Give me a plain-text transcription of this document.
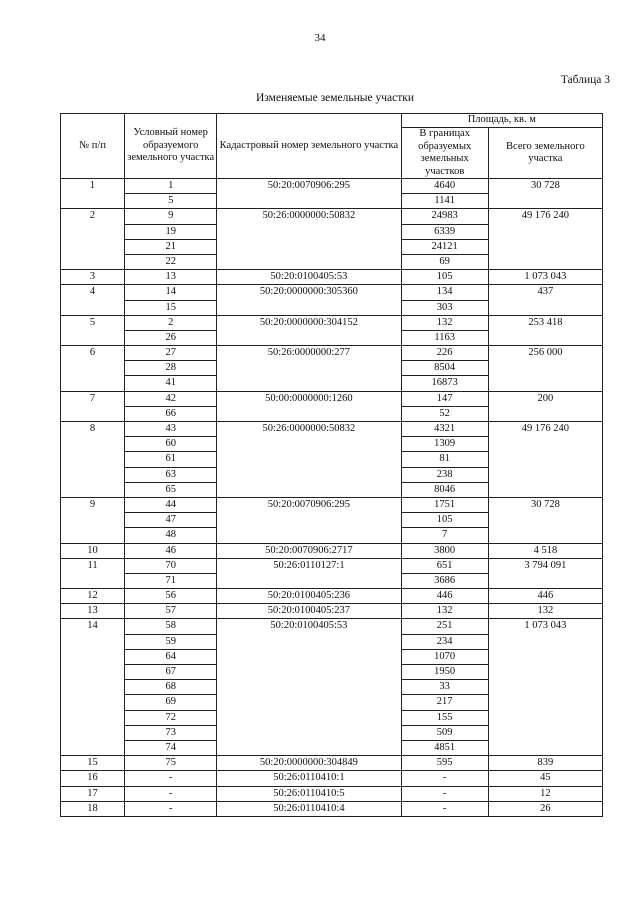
34
Таблица 3
Изменяемые земельные участки
№ п/п	Условный номер образуемого земельного участка	Кадастровый номер земельного участка	Площадь, кв. м	
			В границах образуемых земельных участков	Всего земельного участка
1	1	50:20:0070906:295	4640	30 728
	5		1141	
2	9	50:26:0000000:50832	24983	49 176 240
	19		6339	
	21		24121	
	22		69	
3	13	50:20:0100405:53	105	1 073 043
4	14	50:20:0000000:305360	134	437
	15		303	
5	2	50:20:0000000:304152	132	253 418
	26		1163	
6	27	50:26:0000000:277	226	256 000
	28		8504	
	41		16873	
7	42	50:00:0000000:1260	147	200
	66		52	
8	43	50:26:0000000:50832	4321	49 176 240
	60		1309	
	61		81	
	63		238	
	65		8046	
9	44	50:20:0070906:295	1751	30 728
	47		105	
	48		7	
10	46	50:20:0070906:2717	3800	4 518
11	70	50:26:0110127:1	651	3 794 091
	71		3686	
12	56	50:20:0100405:236	446	446
13	57	50:20:0100405:237	132	132
14	58	50:20:0100405:53	251	1 073 043
	59		234	
	64		1070	
	67		1950	
	68		33	
	69		217	
	72		155	
	73		509	
	74		4851	
15	75	50:20:0000000:304849	595	839
16	-	50:26:0110410:1	-	45
17	-	50:26:0110410:5	-	12
18	-	50:26:0110410:4	-	26
